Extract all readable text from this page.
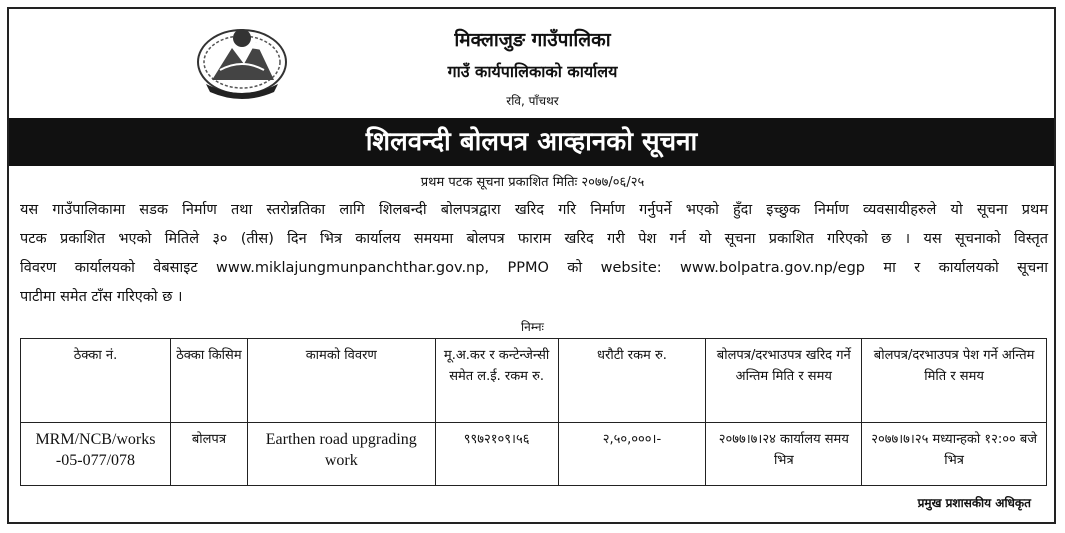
मिक्लाजुङ गाउँपालिका
गाउँ कार्यपालिकाको कार्यालय
रवि, पाँचथर
शिलवन्दी बोलपत्र आव्हानको सूचना
प्रथम पटक सूचना प्रकाशित मितिः २०७७/०६/२५
यस गाउँपालिकामा सडक निर्माण तथा स्तरोन्नतिका लागि शिलबन्दी बोलपत्रद्वारा खरिद गरि निर्माण गर्नुपर्ने भएको हुँदा इच्छुक निर्माण व्यवसायीहरुले यो सूचना प्रथम
पटक प्रकाशित भएको मितिले ३० (तीस) दिन भित्र कार्यालय समयमा बोलपत्र फाराम खरिद गरी पेश गर्न यो सूचना प्रकाशित गरिएको छ । यस सूचनाको विस्तृत
विवरण कार्यालयको वेबसाइट www.miklajungmunpanchthar.gov.np, PPMO को website: www.bolpatra.gov.np/egp मा र कार्यालयको सूचना
पाटीमा समेत टाँस गरिएको छ ।
निम्नः
ठेक्का नं.	ठेक्का किसिम	कामको विवरण	मू.अ.कर र कन्टेन्जेन्सी समेत ल.ई. रकम रु.	धरौटी रकम रु.	बोलपत्र/दरभाउपत्र खरिद गर्ने अन्तिम मिति र समय	बोलपत्र/दरभाउपत्र पेश गर्ने अन्तिम मिति र समय
MRM/NCB/works -05-077/078	बोलपत्र	Earthen road upgrading work	९९७२१०९।५६	२,५०,०००।-	२०७७।७।२४ कार्यालय समय भित्र	२०७७।७।२५ मध्यान्हको १२:०० बजे भित्र
प्रमुख प्रशासकीय अधिकृत
